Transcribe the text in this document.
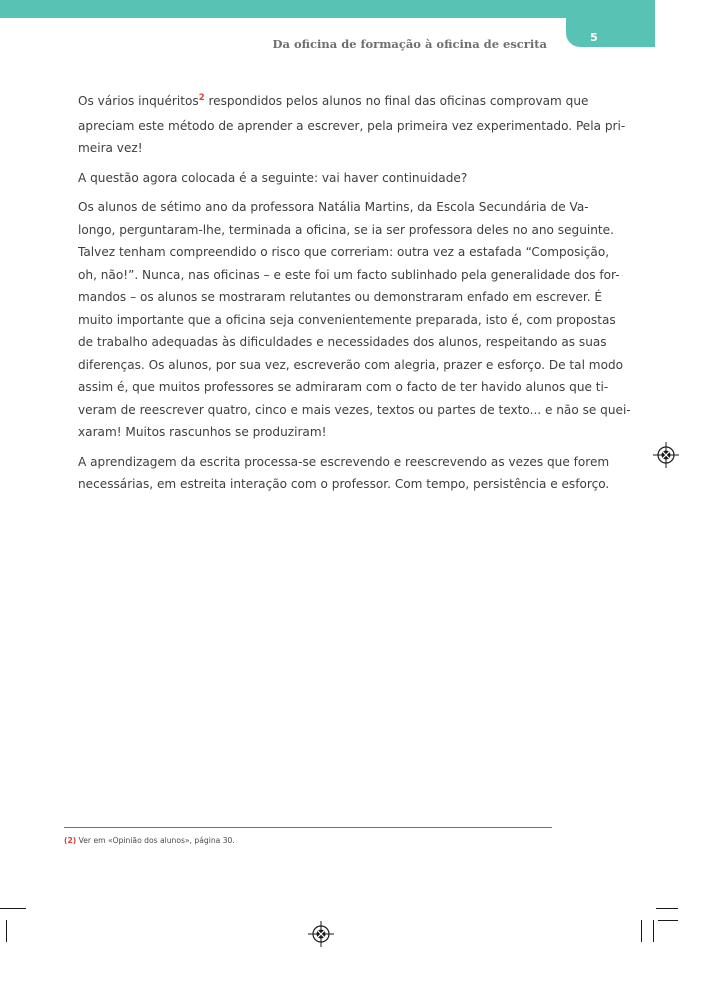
5
Da oficina de formação à oficina de escrita

Os vários inquéritos$^2$ respondidos pelos alunos no final das oficinas comprovam que
apreciam este método de aprender a escrever, pela primeira vez experimentado. Pela pri-
meira vez!

A questão agora colocada é a seguinte: vai haver continuidade?

Os alunos de sétimo ano da professora Natália Martins, da Escola Secundária de Va-
longo, perguntaram-lhe, terminada a oficina, se ia ser professora deles no ano seguinte.
Talvez tenham compreendido o risco que correriam: outra vez a estafada “Composição,
oh, não!”. Nunca, nas oficinas – e este foi um facto sublinhado pela generalidade dos for-
mandos – os alunos se mostraram relutantes ou demonstraram enfado em escrever. É
muito importante que a oficina seja convenientemente preparada, isto é, com propostas
de trabalho adequadas às dificuldades e necessidades dos alunos, respeitando as suas
diferenças. Os alunos, por sua vez, escreverão com alegria, prazer e esforço. De tal modo
assim é, que muitos professores se admiraram com o facto de ter havido alunos que ti-
veram de reescrever quatro, cinco e mais vezes, textos ou partes de texto... e não se quei-
xaram! Muitos rascunhos se produziram!

A aprendizagem da escrita processa-se escrevendo e reescrevendo as vezes que forem
necessárias, em estreita interação com o professor. Com tempo, persistência e esforço.

(2) Ver em «Opinião dos alunos», página 30.
